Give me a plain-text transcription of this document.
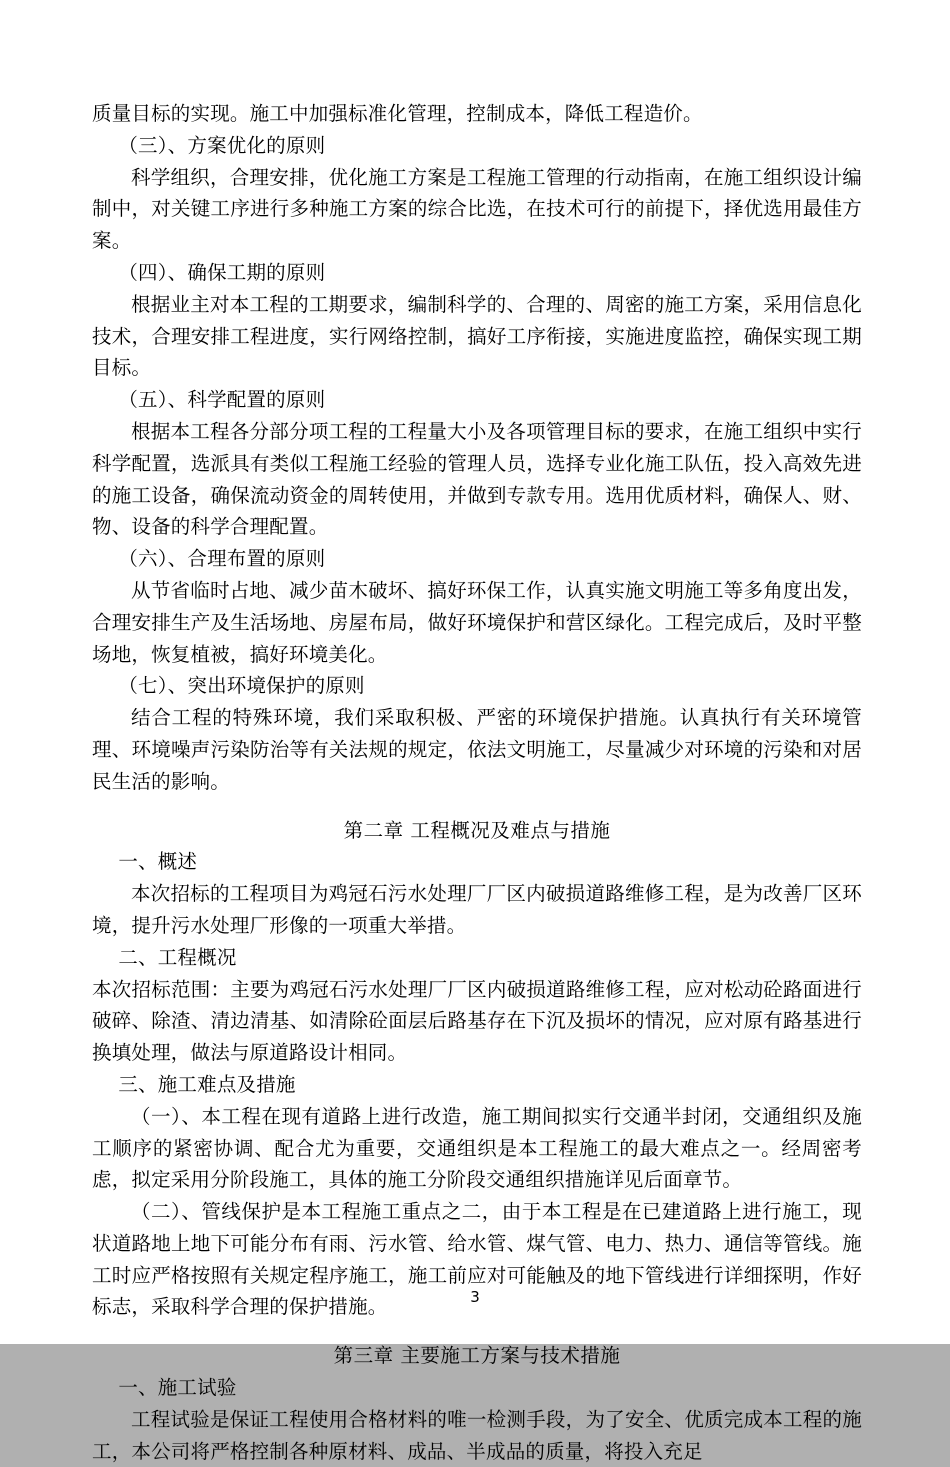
质量目标的实现。施工中加强标准化管理，控制成本，降低工程造价。

（三）、方案优化的原则

科学组织，合理安排，优化施工方案是工程施工管理的行动指南，在施工组织设计编制中，对关键工序进行多种施工方案的综合比选，在技术可行的前提下，择优选用最佳方案。

（四）、确保工期的原则

根据业主对本工程的工期要求，编制科学的、合理的、周密的施工方案，采用信息化技术，合理安排工程进度，实行网络控制，搞好工序衔接，实施进度监控，确保实现工期目标。

（五）、科学配置的原则

根据本工程各分部分项工程的工程量大小及各项管理目标的要求，在施工组织中实行科学配置，选派具有类似工程施工经验的管理人员，选择专业化施工队伍，投入高效先进的施工设备，确保流动资金的周转使用，并做到专款专用。选用优质材料，确保人、财、物、设备的科学合理配置。

（六）、合理布置的原则

从节省临时占地、减少苗木破坏、搞好环保工作，认真实施文明施工等多角度出发，合理安排生产及生活场地、房屋布局，做好环境保护和营区绿化。工程完成后，及时平整场地，恢复植被，搞好环境美化。

（七）、突出环境保护的原则

结合工程的特殊环境，我们采取积极、严密的环境保护措施。认真执行有关环境管理、环境噪声污染防治等有关法规的规定，依法文明施工，尽量减少对环境的污染和对居民生活的影响。

第二章 工程概况及难点与措施

一、概述

本次招标的工程项目为鸡冠石污水处理厂厂区内破损道路维修工程，是为改善厂区环境，提升污水处理厂形像的一项重大举措。

二、工程概况

本次招标范围：主要为鸡冠石污水处理厂厂区内破损道路维修工程，应对松动砼路面进行破碎、除渣、清边清基、如清除砼面层后路基存在下沉及损坏的情况，应对原有路基进行换填处理，做法与原道路设计相同。

三、施工难点及措施

（一）、本工程在现有道路上进行改造，施工期间拟实行交通半封闭，交通组织及施工顺序的紧密协调、配合尤为重要，交通组织是本工程施工的最大难点之一。经周密考虑，拟定采用分阶段施工，具体的施工分阶段交通组织措施详见后面章节。

（二）、管线保护是本工程施工重点之二，由于本工程是在已建道路上进行施工，现状道路地上地下可能分布有雨、污水管、给水管、煤气管、电力、热力、通信等管线。施工时应严格按照有关规定程序施工，施工前应对可能触及的地下管线进行详细探明，作好标志，采取科学合理的保护措施。

第三章 主要施工方案与技术措施

一、施工试验

工程试验是保证工程使用合格材料的唯一检测手段，为了安全、优质完成本工程的施工，本公司将严格控制各种原材料、成品、半成品的质量，将投入充足

3
